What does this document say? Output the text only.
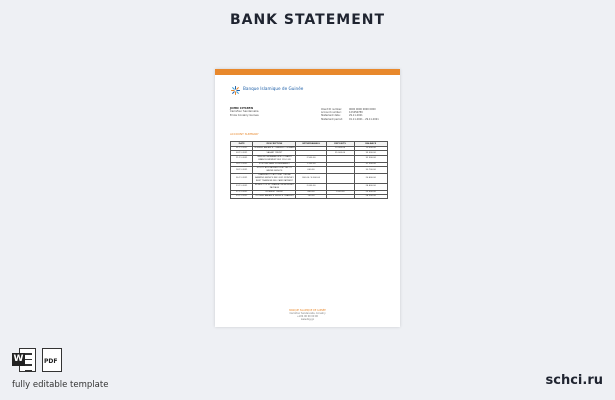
BANK STATEMENT
Banque Islamique de Guinée
JOHN CITIZEN
Carrefour Sandervalia
Ecole Conakry Guinea
Client ID number:	0000 0000 0000 0000
Account number:	123456789
Statement date:	29.11.2021
Statement period:	01.11.2021 - 29.11.2021
ACCOUNT SUMMARY
DATE	DESCRIPTION	WITHDRAWALS	DEPOSITS	BALANCE
01.11.2021	OPENING BALANCE / CARRIED FORWARD		10 000.00	10 000.00
03.11.2021	SALARY CREDIT		25 000.00	35 000.00
11.11.2021	CASH WITHDRAWAL ATM CONAKRY BRANCH PAYMENT REF 1152 GN	2 500.00		32 500.00
16.11.2021	POS PURCHASE SUPERMARKET	1 200.00		31 300.00
18.11.2021	UTILITY BILL PAYMENT ELECTRICITY WATER SERVICE	600.00		30 700.00
26.11.2021	TRANSFER TO ACCOUNT ONLINE BANKING SERVICE REF 2031 MONTHLY RENT TRANSFER FEE CARD PAYMENT	300.00 / 4 000.00		26 400.00
23.11.2021	MOBILE TOP UP ORANGE GN INTERNET PACKAGE	2 000.00		24 400.00
27.11.2021	INTEREST CREDIT	400.00	1 000.00	25 000.00
29.11.2021	CLOSING BALANCE SERVICE CHARGES	100.00		24 900.00
BANQUE ISLAMIQUE DE GUINÉE
Carrefour Sandervalia, Conakry
+224 00 00 00 00
www.big.gn
W	PDF
fully editable template	schci.ru
